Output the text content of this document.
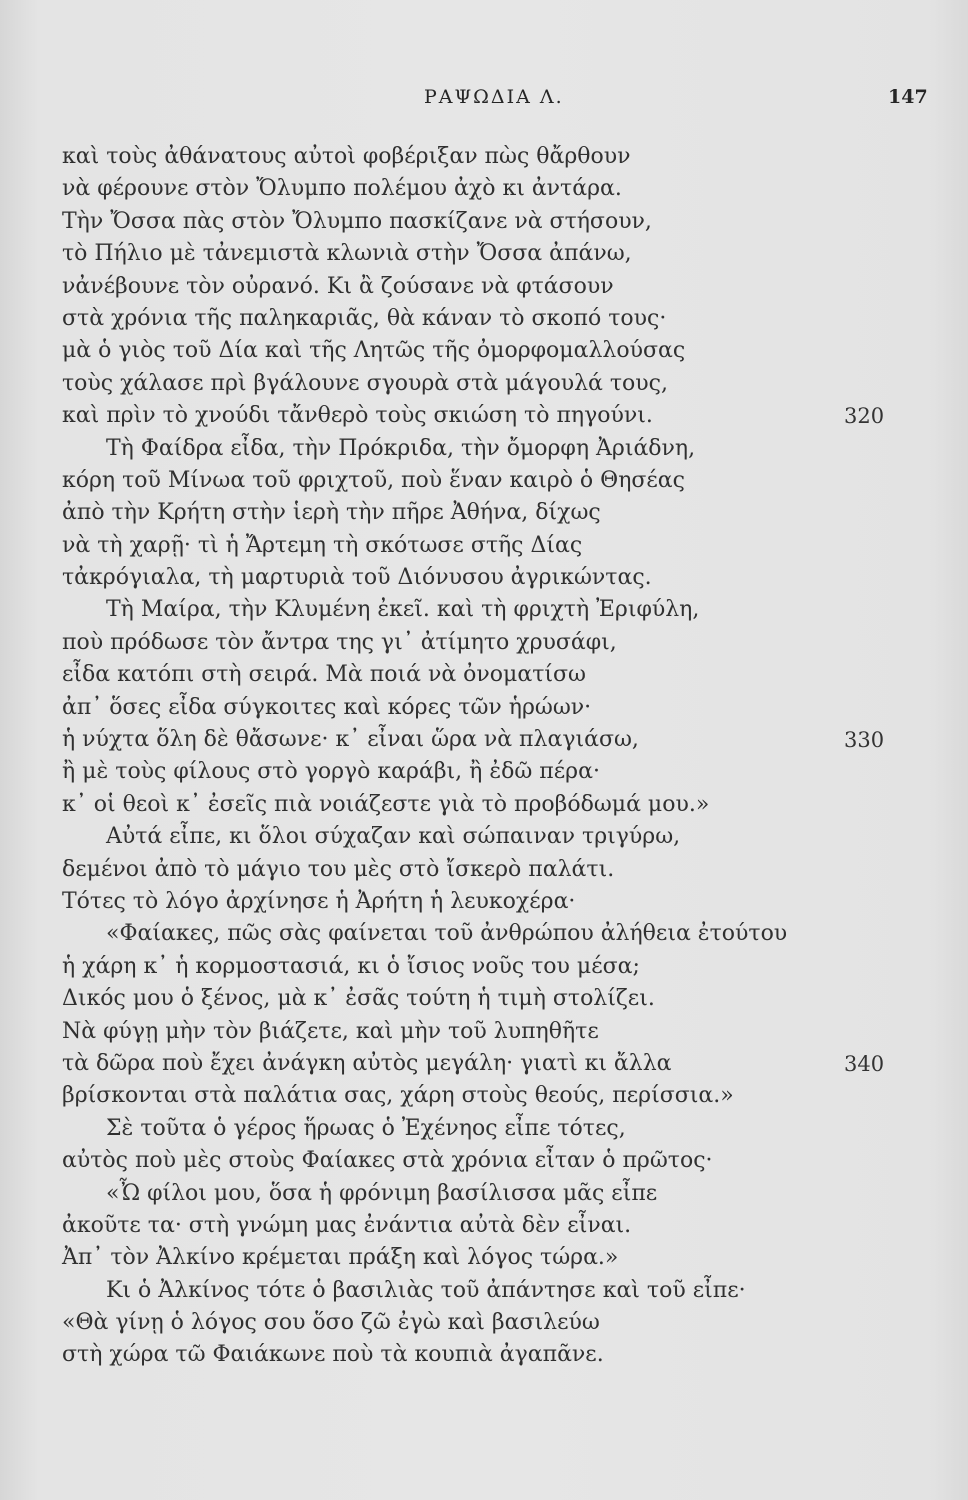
ΡΑΨΩΔΙΑ Λ.	147
καὶ τοὺς ἀθάνατους αὐτοὶ φοβέριξαν πὼς θἄρθουν
νὰ φέρουνε στὸν Ὄλυμπο πολέμου ἀχὸ κι ἀντάρα.
Τὴν Ὄσσα πὰς στὸν Ὄλυμπο πασκίζανε νὰ στήσουν,
τὸ Πήλιο μὲ τἀνεμιστὰ κλωνιὰ στὴν Ὄσσα ἀπάνω,
νἀνέβουνε τὸν οὐρανό. Κι ἂ ζούσανε νὰ φτάσουν
στὰ χρόνια τῆς παληκαριᾶς, θὰ κάναν τὸ σκοπό τους·
μὰ ὁ γιὸς τοῦ Δία καὶ τῆς Λητῶς τῆς ὀμορφομαλλούσας
τοὺς χάλασε πρὶ βγάλουνε σγουρὰ στὰ μάγουλά τους,
καὶ πρὶν τὸ χνούδι τἄνθερὸ τοὺς σκιώση τὸ πηγούνι.	320
Τὴ Φαίδρα εἶδα, τὴν Πρόκριδα, τὴν ὄμορφη Ἀριάδνη,
κόρη τοῦ Μίνωα τοῦ φριχτοῦ, ποὺ ἕναν καιρὸ ὁ Θησέας
ἀπὸ τὴν Κρήτη στὴν ἱερὴ τὴν πῆρε Ἀθήνα, δίχως
νὰ τὴ χαρῇ· τὶ ἡ Ἄρτεμη τὴ σκότωσε στῆς Δίας
τἀκρόγιαλα, τὴ μαρτυριὰ τοῦ Διόνυσου ἀγρικώντας.
Τὴ Μαίρα, τὴν Κλυμένη ἐκεῖ. καὶ τὴ φριχτὴ Ἐριφύλη,
ποὺ πρόδωσε τὸν ἄντρα της γι᾽ ἀτίμητο χρυσάφι,
εἶδα κατόπι στὴ σειρά. Μὰ ποιά νὰ ὀνοματίσω
ἀπ᾽ ὅσες εἶδα σύγκοιτες καὶ κόρες τῶν ἡρώων·
ἡ νύχτα ὅλη δὲ θἄσωνε· κ᾽ εἶναι ὥρα νὰ πλαγιάσω,	330
ἢ μὲ τοὺς φίλους στὸ γοργὸ καράβι, ἢ ἐδῶ πέρα·
κ᾽ οἱ θεοὶ κ᾽ ἐσεῖς πιὰ νοιάζεστε γιὰ τὸ προβόδωμά μου.»
Αὐτά εἶπε, κι ὅλοι σύχαζαν καὶ σώπαιναν τριγύρω,
δεμένοι ἀπὸ τὸ μάγιο του μὲς στὸ ἴσκερὸ παλάτι.
Τότες τὸ λόγο ἀρχίνησε ἡ Ἀρήτη ἡ λευκοχέρα·
«Φαίακες, πῶς σὰς φαίνεται τοῦ ἀνθρώπου ἀλήθεια ἐτούτου
ἡ χάρη κ᾽ ἡ κορμοστασιά, κι ὁ ἴσιος νοῦς του μέσα;
Δικός μου ὁ ξένος, μὰ κ᾽ ἐσᾶς τούτη ἡ τιμὴ στολίζει.
Νὰ φύγῃ μὴν τὸν βιάζετε, καὶ μὴν τοῦ λυπηθῆτε
τὰ δῶρα ποὺ ἔχει ἀνάγκη αὐτὸς μεγάλη· γιατὶ κι ἄλλα	340
βρίσκονται στὰ παλάτια σας, χάρη στοὺς θεούς, περίσσια.»
Σὲ τοῦτα ὁ γέρος ἥρωας ὁ Ἐχένηος εἶπε τότες,
αὐτὸς ποὺ μὲς στοὺς Φαίακες στὰ χρόνια εἶταν ὁ πρῶτος·
«Ὦ φίλοι μου, ὅσα ἡ φρόνιμη βασίλισσα μᾶς εἶπε
ἀκοῦτε τα· στὴ γνώμη μας ἐνάντια αὐτὰ δὲν εἶναι.
Ἀπ᾽ τὸν Ἀλκίνο κρέμεται πράξη καὶ λόγος τώρα.»
Κι ὁ Ἀλκίνος τότε ὁ βασιλιὰς τοῦ ἀπάντησε καὶ τοῦ εἶπε·
«Θὰ γίνῃ ὁ λόγος σου ὅσο ζῶ ἐγὼ καὶ βασιλεύω
στὴ χώρα τῶ Φαιάκωνε ποὺ τὰ κουπιὰ ἀγαπᾶνε.
